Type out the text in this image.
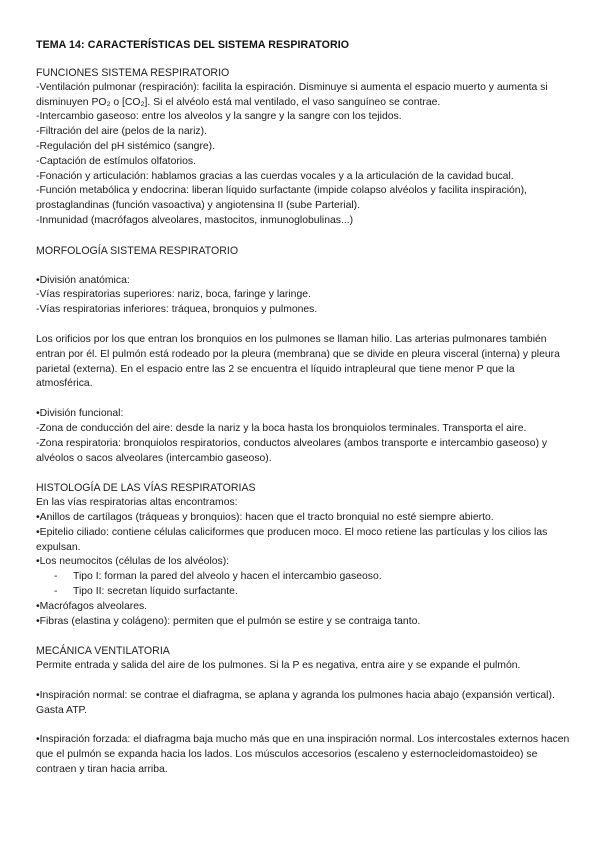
TEMA 14: CARACTERÍSTICAS DEL SISTEMA RESPIRATORIO
FUNCIONES SISTEMA RESPIRATORIO

-Ventilación pulmonar (respiración): facilita la espiración. Disminuye si aumenta el espacio muerto y aumenta si disminuyen PO₂ o [CO₂]. Si el alvéolo está mal ventilado, el vaso sanguíneo se contrae.

-Intercambio gaseoso: entre los alveolos y la sangre y la sangre con los tejidos.

-Filtración del aire (pelos de la nariz).

-Regulación del pH sistémico (sangre).

-Captación de estímulos olfatorios.

-Fonación y articulación: hablamos gracias a las cuerdas vocales y a la articulación de la cavidad bucal.

-Función metabólica y endocrina: liberan líquido surfactante (impide colapso alvéolos y facilita inspiración), prostaglandinas (función vasoactiva) y angiotensina II (sube Parterial).

-Inmunidad (macrófagos alveolares, mastocitos, inmunoglobulinas...)

MORFOLOGÍA SISTEMA RESPIRATORIO

•División anatómica:

-Vías respiratorias superiores: nariz, boca, faringe y laringe.

-Vías respiratorias inferiores: tráquea, bronquios y pulmones.

Los orificios por los que entran los bronquios en los pulmones se llaman hilio. Las arterias pulmonares también entran por él. El pulmón está rodeado por la pleura (membrana) que se divide en pleura visceral (interna) y pleura parietal (externa). En el espacio entre las 2 se encuentra el líquido intrapleural que tiene menor P que la atmosférica.

•División funcional:

-Zona de conducción del aire: desde la nariz y la boca hasta los bronquiolos terminales. Transporta el aire.

-Zona respiratoria: bronquiolos respiratorios, conductos alveolares (ambos transporte e intercambio gaseoso) y alvéolos o sacos alveolares (intercambio gaseoso).

HISTOLOGÍA DE LAS VÍAS RESPIRATORIAS

En las vías respiratorias altas encontramos:

•Anillos de cartílagos (tráqueas y bronquios): hacen que el tracto bronquial no esté siempre abierto.

•Epitelio ciliado: contiene células caliciformes que producen moco. El moco retiene las partículas y los cilios las expulsan.

•Los neumocitos (células de los alvéolos):

- Tipo I: forman la pared del alveolo y hacen el intercambio gaseoso.

- Tipo II: secretan líquido surfactante.

•Macrófagos alveolares.

•Fibras (elastina y colágeno): permiten que el pulmón se estire y se contraiga tanto.

MECÁNICA VENTILATORIA

Permite entrada y salida del aire de los pulmones. Si la P es negativa, entra aire y se expande el pulmón.

•Inspiración normal: se contrae el diafragma, se aplana y agranda los pulmones hacia abajo (expansión vertical). Gasta ATP.

•Inspiración forzada: el diafragma baja mucho más que en una inspiración normal. Los intercostales externos hacen que el pulmón se expanda hacia los lados. Los músculos accesorios (escaleno y esternocleidomastoideo) se contraen y tiran hacia arriba.
